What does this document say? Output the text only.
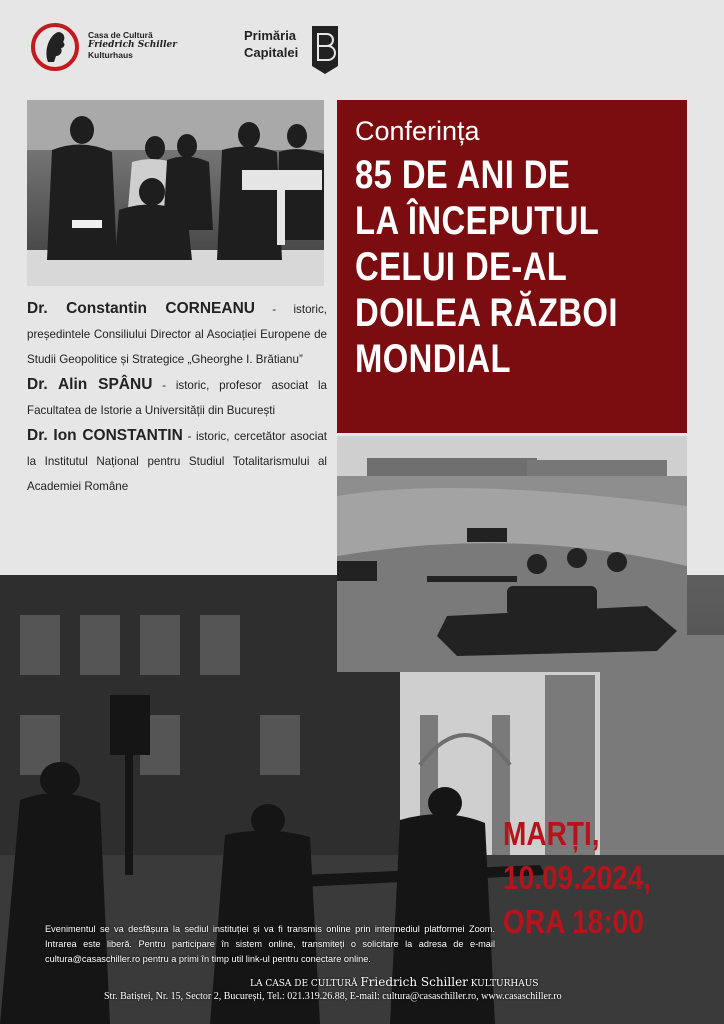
Casa de Cultură
Friedrich Schiller
Kulturhaus
Primăria
Capitalei
Conferința
85 DE ANI DE
LA ÎNCEPUTUL
CELUI DE-AL
DOILEA RĂZBOI
MONDIAL

Dr. Constantin CORNEANU - istoric, președintele Consiliului Director al Asociației Europene de Studii Geopolitice și Strategice „Gheorghe I. Brătianu”

Dr. Alin SPÂNU - istoric, profesor asociat la Facultatea de Istorie a Universității din București

Dr. Ion CONSTANTIN - istoric, cercetător asociat la Institutul Național pentru Studiul Totalitarismului al Academiei Române

MARȚI,
10.09.2024,
ORA 18:00
Evenimentul se va desfășura la sediul instituției și va fi transmis online prin intermediul platformei Zoom. Intrarea este liberă. Pentru participare în sistem online, transmiteți o solicitare la adresa de e-mail cultura@casaschiller.ro pentru a primi în timp util link-ul pentru conectare online.
LA CASA DE CULTURĂ Friedrich Schiller KULTURHAUS
Str. Batiștei, Nr. 15, Sector 2, București, Tel.: 021.319.26.88, E-mail: cultura@casaschiller.ro, www.casaschiller.ro
